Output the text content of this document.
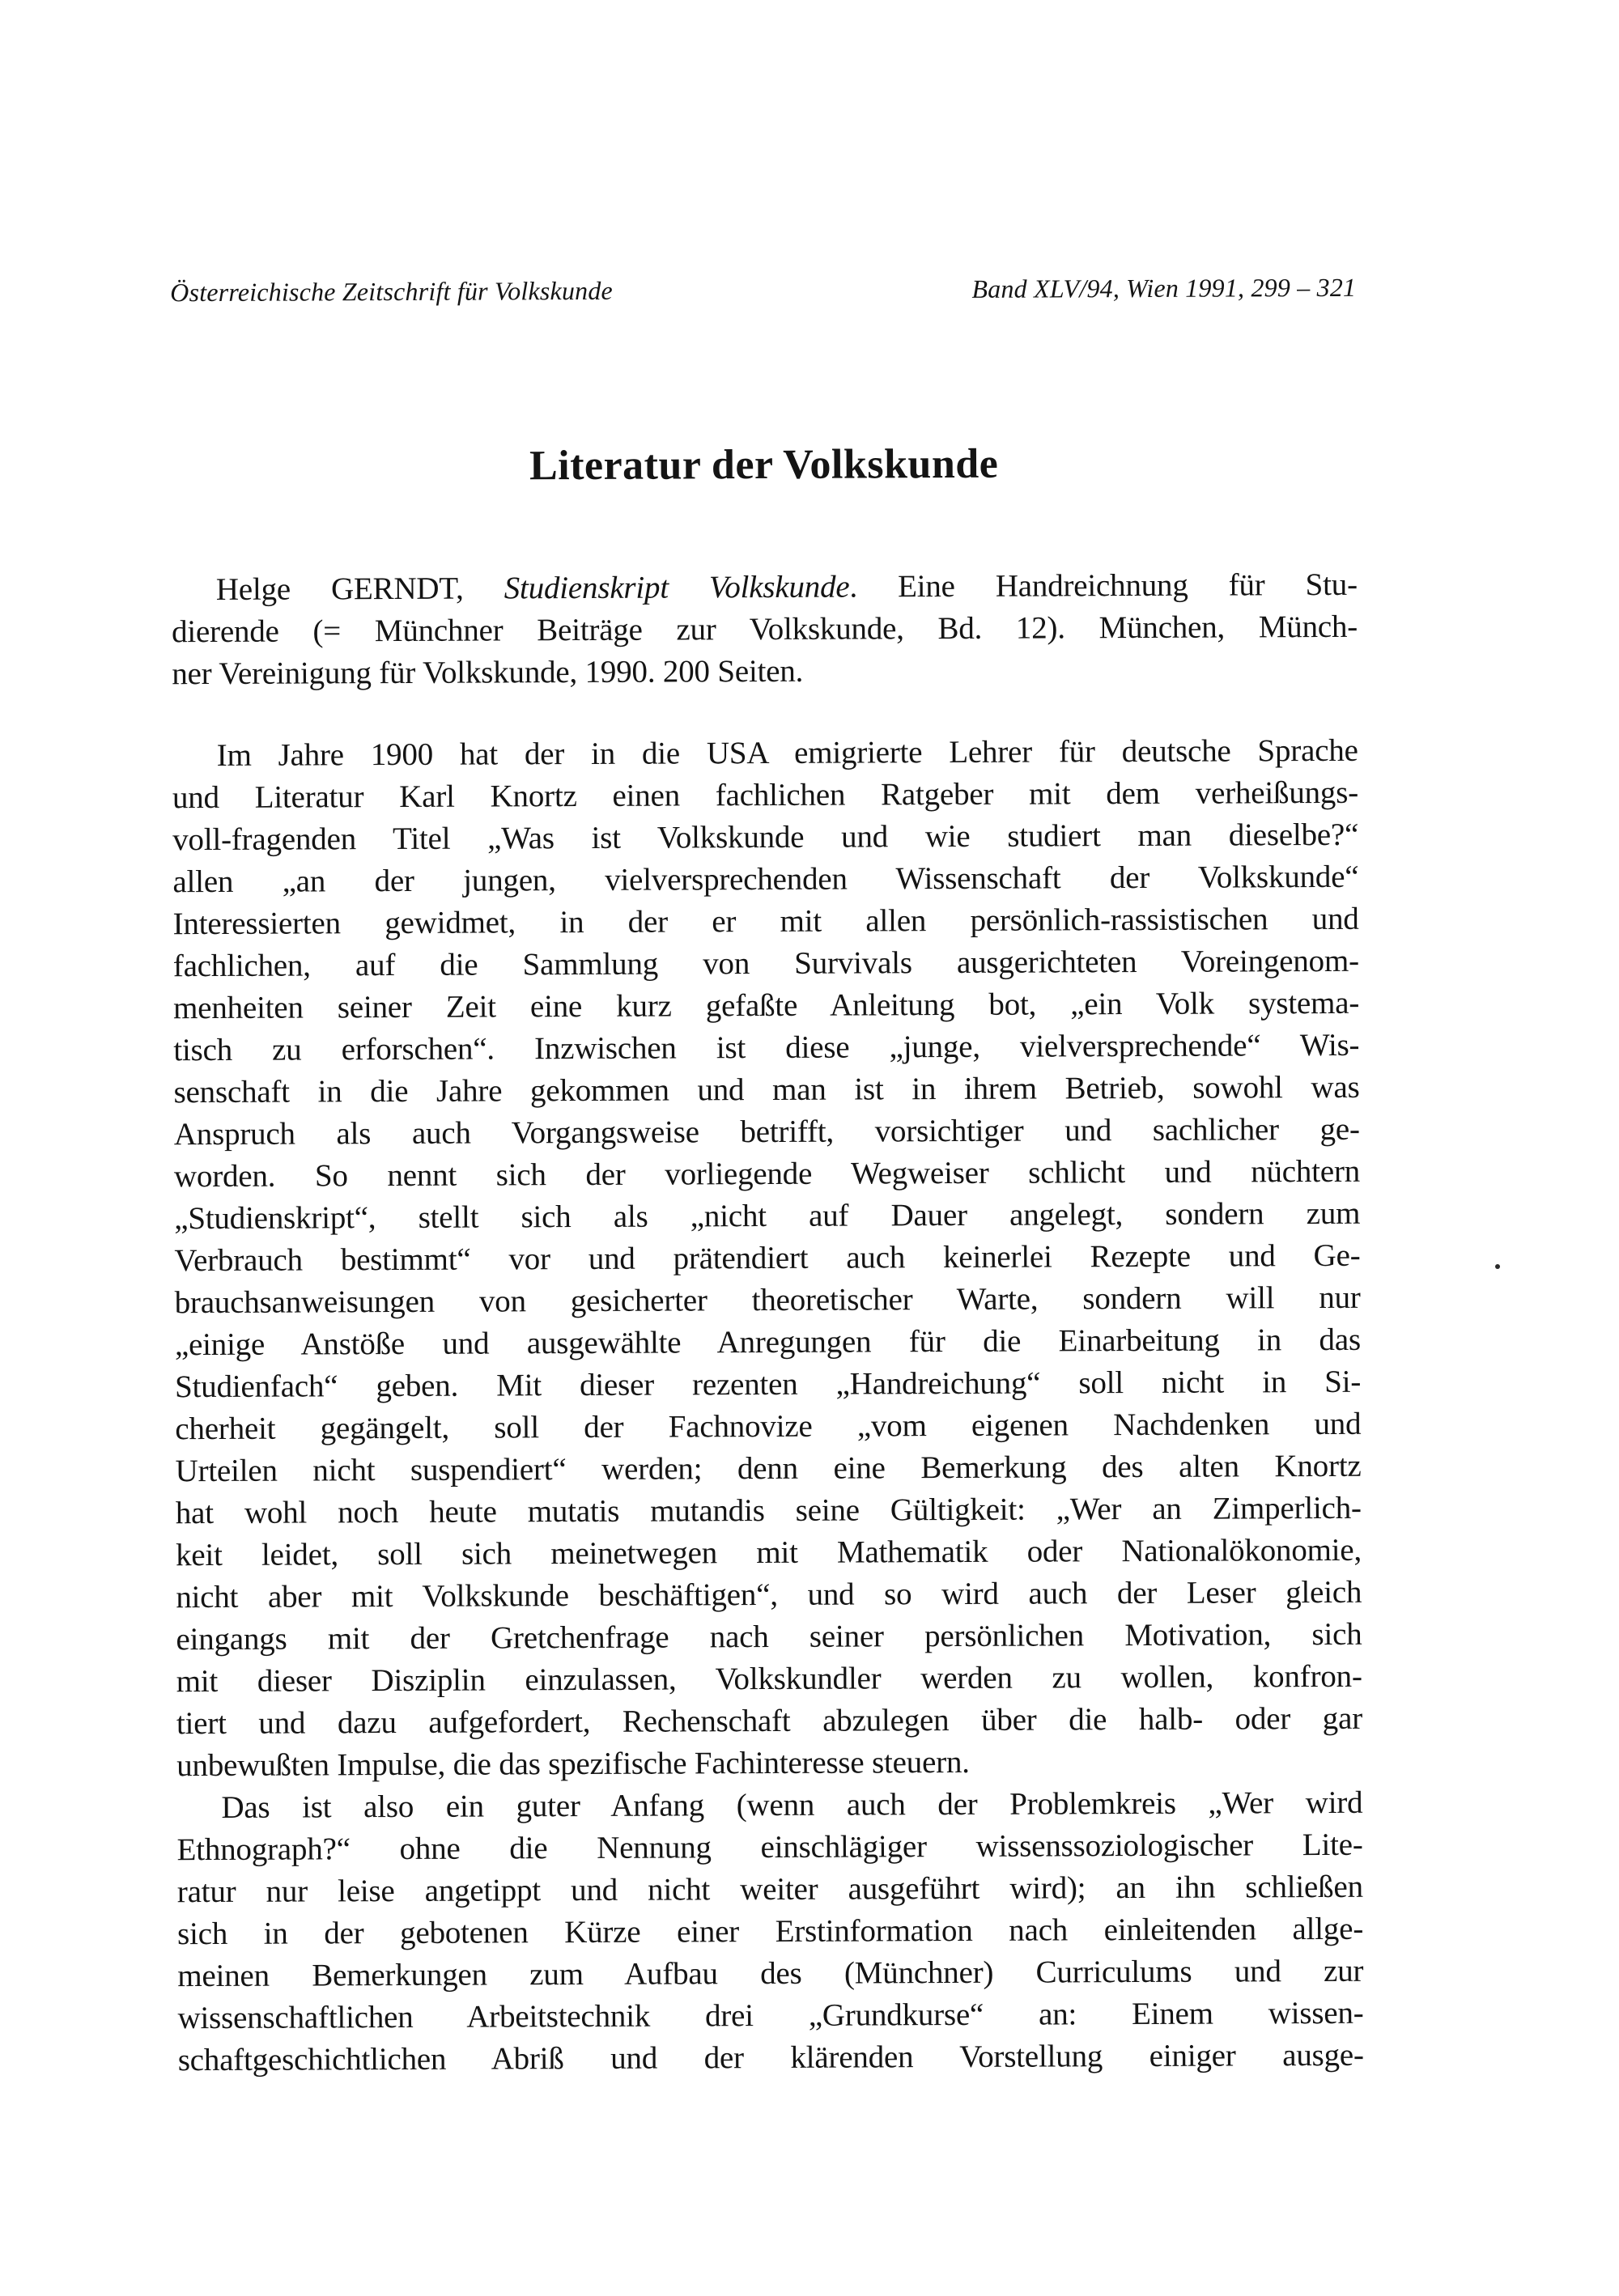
Österreichische Zeitschrift für Volkskunde	Band XLV/94, Wien 1991, 299 – 321
Literatur der Volkskunde
Helge GERNDT, Studienskript Volkskunde. Eine Handreichnung für Stu-
dierende (= Münchner Beiträge zur Volkskunde, Bd. 12). München, Münch-
ner Vereinigung für Volkskunde, 1990. 200 Seiten.
Im Jahre 1900 hat der in die USA emigrierte Lehrer für deutsche Sprache
und Literatur Karl Knortz einen fachlichen Ratgeber mit dem verheißungs-
voll-fragenden Titel „Was ist Volkskunde und wie studiert man dieselbe?“
allen „an der jungen, vielversprechenden Wissenschaft der Volkskunde“
Interessierten gewidmet, in der er mit allen persönlich-rassistischen und
fachlichen, auf die Sammlung von Survivals ausgerichteten Voreingenom-
menheiten seiner Zeit eine kurz gefaßte Anleitung bot, „ein Volk systema-
tisch zu erforschen“. Inzwischen ist diese „junge, vielversprechende“ Wis-
senschaft in die Jahre gekommen und man ist in ihrem Betrieb, sowohl was
Anspruch als auch Vorgangsweise betrifft, vorsichtiger und sachlicher ge-
worden. So nennt sich der vorliegende Wegweiser schlicht und nüchtern
„Studienskript“, stellt sich als „nicht auf Dauer angelegt, sondern zum
Verbrauch bestimmt“ vor und prätendiert auch keinerlei Rezepte und Ge-
brauchsanweisungen von gesicherter theoretischer Warte, sondern will nur
„einige Anstöße und ausgewählte Anregungen für die Einarbeitung in das
Studienfach“ geben. Mit dieser rezenten „Handreichung“ soll nicht in Si-
cherheit gegängelt, soll der Fachnovize „vom eigenen Nachdenken und
Urteilen nicht suspendiert“ werden; denn eine Bemerkung des alten Knortz
hat wohl noch heute mutatis mutandis seine Gültigkeit: „Wer an Zimperlich-
keit leidet, soll sich meinetwegen mit Mathematik oder Nationalökonomie,
nicht aber mit Volkskunde beschäftigen“, und so wird auch der Leser gleich
eingangs mit der Gretchenfrage nach seiner persönlichen Motivation, sich
mit dieser Disziplin einzulassen, Volkskundler werden zu wollen, konfron-
tiert und dazu aufgefordert, Rechenschaft abzulegen über die halb- oder gar
unbewußten Impulse, die das spezifische Fachinteresse steuern.
Das ist also ein guter Anfang (wenn auch der Problemkreis „Wer wird
Ethnograph?“ ohne die Nennung einschlägiger wissenssoziologischer Lite-
ratur nur leise angetippt und nicht weiter ausgeführt wird); an ihn schließen
sich in der gebotenen Kürze einer Erstinformation nach einleitenden allge-
meinen Bemerkungen zum Aufbau des (Münchner) Curriculums und zur
wissenschaftlichen Arbeitstechnik drei „Grundkurse“ an: Einem wissen-
schaftgeschichtlichen Abriß und der klärenden Vorstellung einiger ausge-
